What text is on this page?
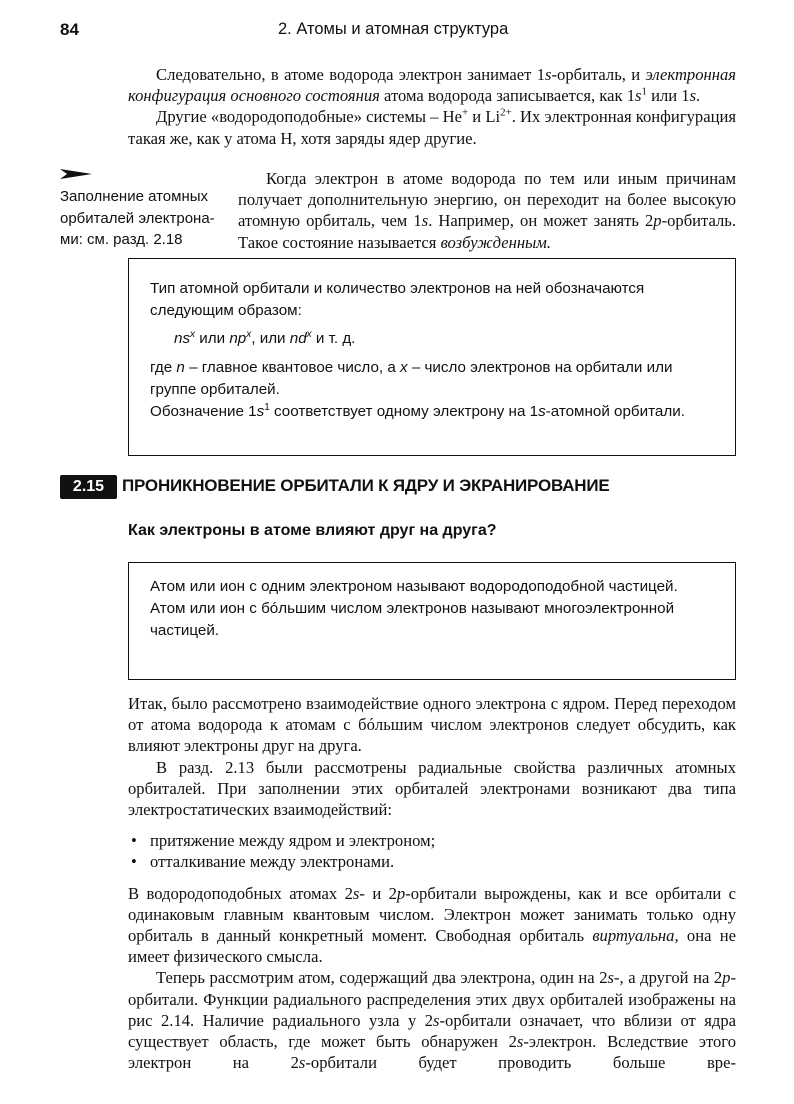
84	2. Атомы и атомная структура

Следовательно, в атоме водорода электрон занимает 1s-орбиталь, и электронная конфигурация основного состояния атома водорода записывается, как $1s^1$ или 1s.

Другие «водородоподобные» системы – He+ и $Li^{2+}$. Их электронная конфигурация такая же, как у атома H, хотя заряды ядер другие.

Заполнение атомных орбиталей электрона-ми: см. разд. 2.18

Когда электрон в атоме водорода по тем или иным причинам получает дополнительную энергию, он переходит на более высокую атомную орбиталь, чем 1s. Например, он может занять 2p-орбиталь. Такое состояние называется возбужденным.

Тип атомной орбитали и количество электронов на ней обозначаются следующим образом:

$ns^x$ или $np^x$, или $nd^x$ и т. д.

где n – главное квантовое число, а x – число электронов на орбитали или группе орбиталей.

Обозначение $1s^1$ соответствует одному электрону на 1s-атомной орбитали.

2.15	ПРОНИКНОВЕНИЕ ОРБИТАЛИ К ЯДРУ И ЭКРАНИРОВАНИЕ
Как электроны в атоме влияют друг на друга?

Атом или ион с одним электроном называют водородоподобной частицей.

Атом или ион с бóльшим числом электронов называют многоэлектронной частицей.

Итак, было рассмотрено взаимодействие одного электрона с ядром. Перед переходом от атома водорода к атомам с бóльшим числом электронов следует обсудить, как влияют электроны друг на друга.

В разд. 2.13 были рассмотрены радиальные свойства различных атомных орбиталей. При заполнении этих орбиталей электронами возникают два типа электростатических взаимодействий:

• притяжение между ядром и электроном;
• отталкивание между электронами.

В водородоподобных атомах 2s- и 2p-орбитали вырождены, как и все орбитали с одинаковым главным квантовым числом. Электрон может занимать только одну орбиталь в данный конкретный момент. Свободная орбиталь виртуальна, она не имеет физического смысла.

Теперь рассмотрим атом, содержащий два электрона, один на 2s-, а другой на 2p-орбитали. Функции радиального распределения этих двух орбиталей изображены на рис 2.14. Наличие радиального узла у 2s-орбитали означает, что вблизи от ядра существует область, где может быть обнаружен 2s-электрон. Вследствие этого электрон на 2s-орбитали будет проводить больше вре-
